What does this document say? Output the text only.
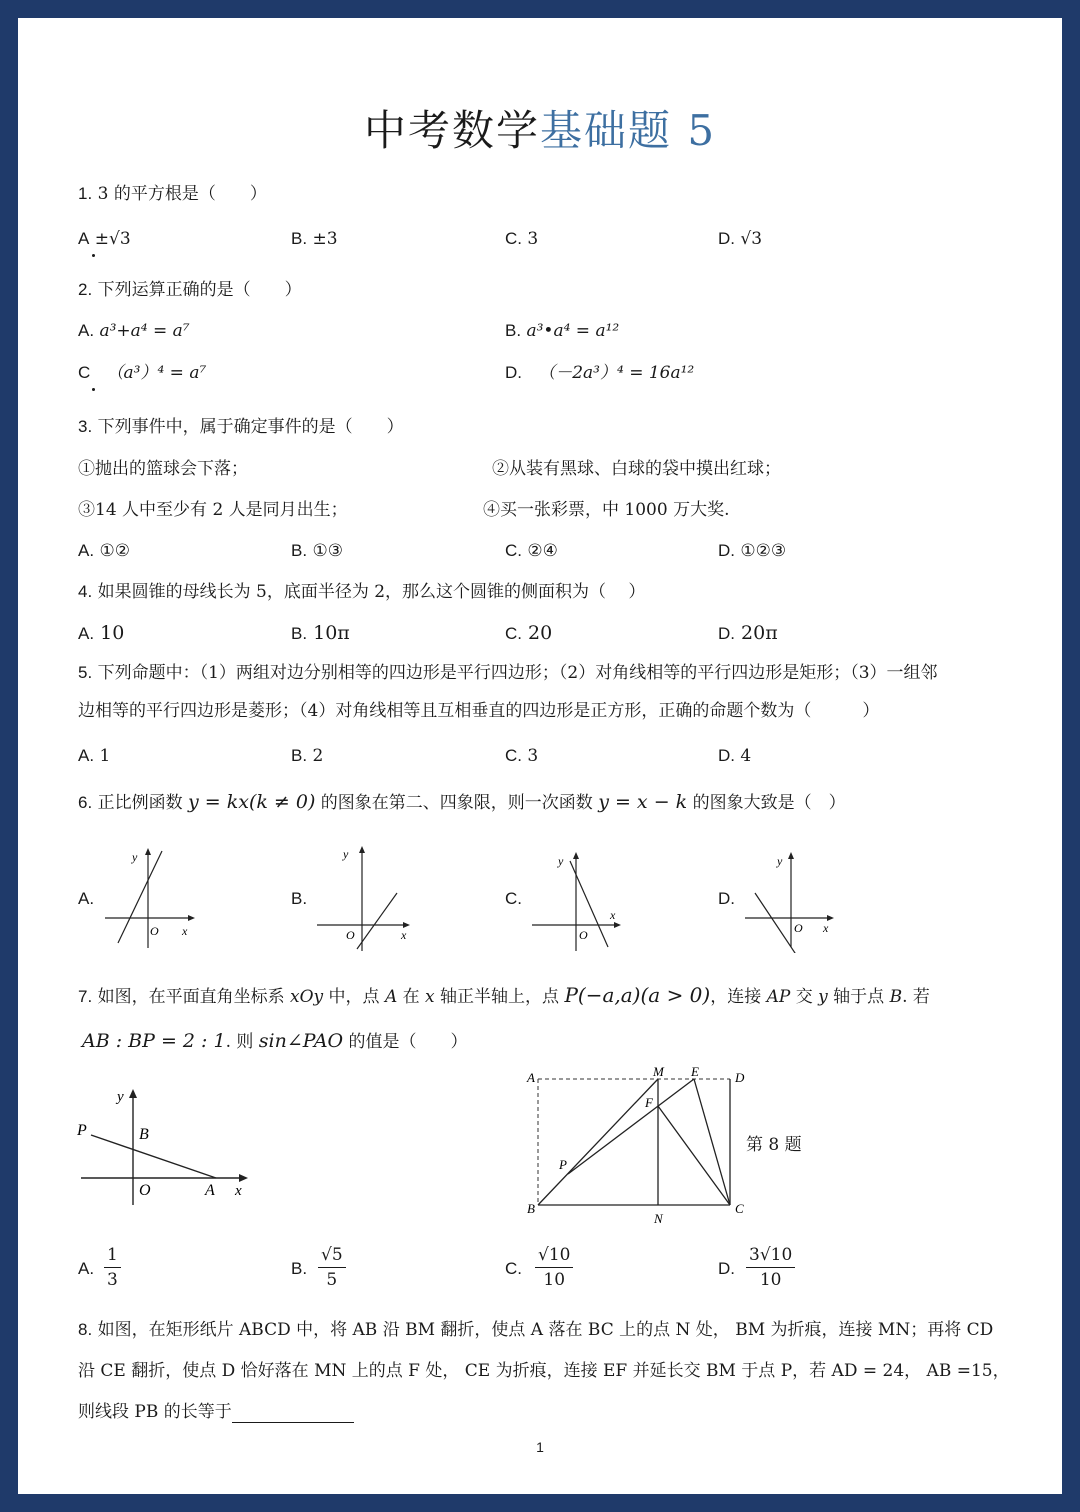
中考数学基础题 5
1. 3 的平方根是（　　）
A ±√3	B. ±3	C. 3	D. √3
2. 下列运算正确的是（　　）
A. a³+a⁴ = a⁷	B. a³•a⁴ = a¹²
C （a³）⁴ = a⁷	D. （－2a³）⁴ = 16a¹²
3. 下列事件中，属于确定事件的是（　　）
①抛出的篮球会下落；	②从装有黑球、白球的袋中摸出红球；
③14 人中至少有 2 人是同月出生；	④买一张彩票，中 1000 万大奖.
A. ①②	B. ①③	C. ②④	D. ①②③
4. 如果圆锥的母线长为 5，底面半径为 2，那么这个圆锥的侧面积为（　 ）
A. 10	B. 10π	C. 20	D. 20π
5. 下列命题中：（1）两组对边分别相等的四边形是平行四边形；（2）对角线相等的平行四边形是矩形；（3）一组邻
边相等的平行四边形是菱形；（4）对角线相等且互相垂直的四边形是正方形，正确的命题个数为（　　　）
A. 1	B. 2	C. 3	D. 4
6. 正比例函数 y = kx(k ≠ 0) 的图象在第二、四象限，则一次函数 y = x − k 的图象大致是（　）
A.	B.	C.	D.
y
O x
y
O	x
y
O
x
y
O x
7. 如图，在平面直角坐标系 xOy 中，点 A 在 x 轴正半轴上，点 P(−a,a)(a > 0)，连接 AP 交 y 轴于点 B. 若
AB : BP = 2 : 1. 则 sin∠PAO 的值是（　　）
y
x
P	B
O	A
A	M E	D
F
P
B
N
C
第 8 题
A. $\frac{1}{3}$	B. $\frac{√5}{5}$	C. $\frac{√10}{10}$	D. $\frac{3√10}{10}$
8. 如图，在矩形纸片 ABCD 中，将 AB 沿 BM 翻折，使点 A 落在 BC 上的点 N 处， BM 为折痕，连接 MN；再将 CD
沿 CE 翻折，使点 D 恰好落在 MN 上的点 F 处， CE 为折痕，连接 EF 并延长交 BM 于点 P，若 AD = 24， AB =15，
则线段 PB 的长等于
1
